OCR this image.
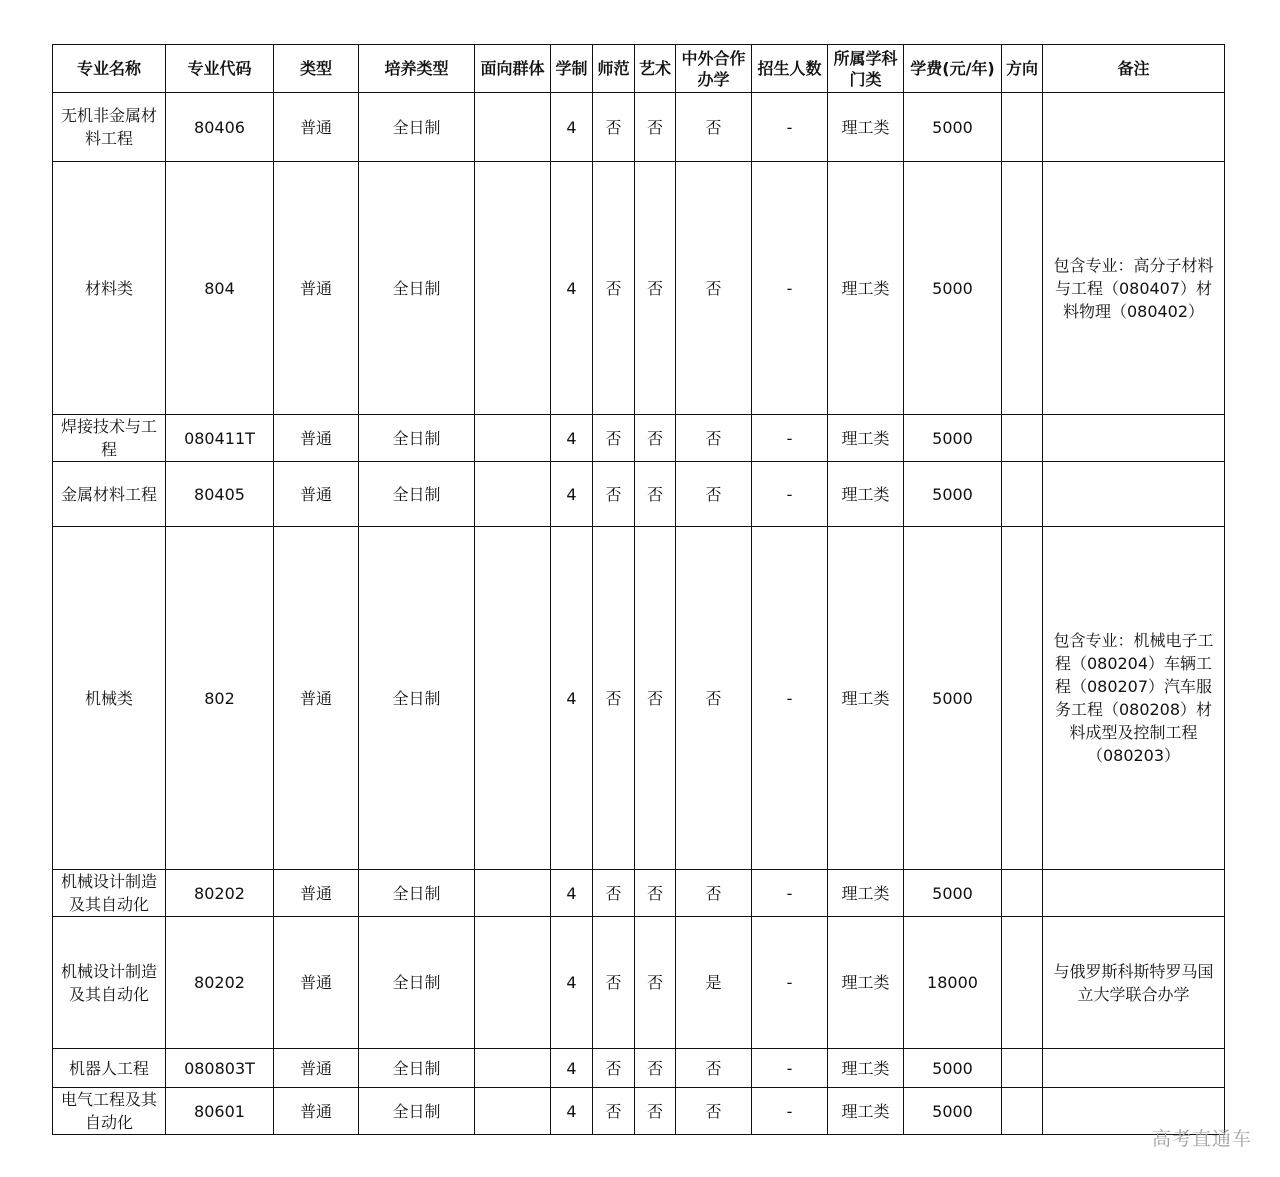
专业名称	专业代码	类型	培养类型	面向群体	学制	师范	艺术	中外合作办学	招生人数	所属学科门类	学费(元/年)	方向	备注
无机非金属材料工程	80406	普通	全日制		4	否	否	否	-	理工类	5000		
材料类	804	普通	全日制		4	否	否	否	-	理工类	5000		包含专业：高分子材料与工程（080407）材料物理（080402）
焊接技术与工程	080411T	普通	全日制		4	否	否	否	-	理工类	5000		
金属材料工程	80405	普通	全日制		4	否	否	否	-	理工类	5000		
机械类	802	普通	全日制		4	否	否	否	-	理工类	5000		包含专业：机械电子工程（080204）车辆工程（080207）汽车服务工程（080208）材料成型及控制工程（080203）
机械设计制造及其自动化	80202	普通	全日制		4	否	否	否	-	理工类	5000		
机械设计制造及其自动化	80202	普通	全日制		4	否	否	是	-	理工类	18000		与俄罗斯科斯特罗马国立大学联合办学
机器人工程	080803T	普通	全日制		4	否	否	否	-	理工类	5000		
电气工程及其自动化	80601	普通	全日制		4	否	否	否	-	理工类	5000		
高考直通车
